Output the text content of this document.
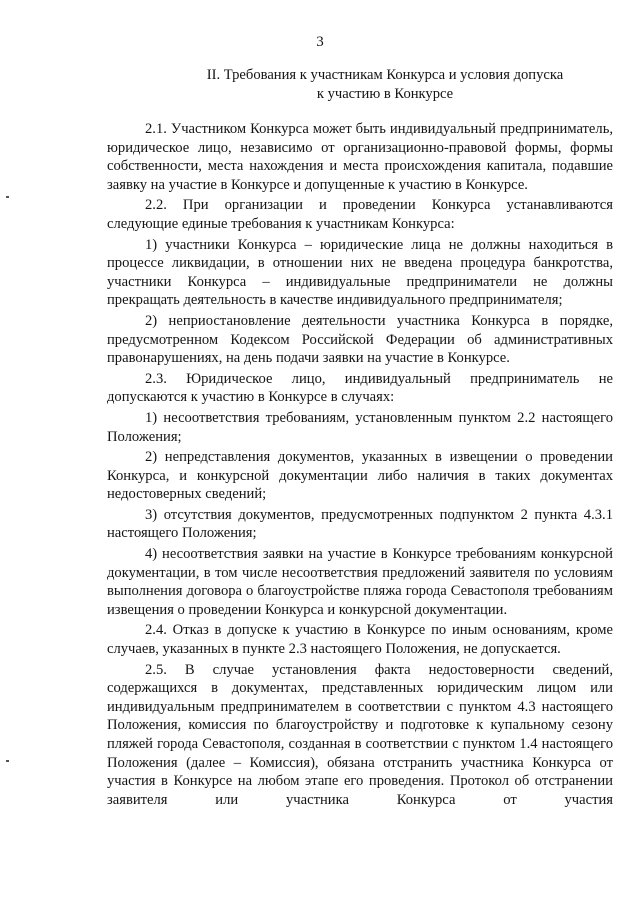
3
II. Требования к участникам Конкурса и условия допуска
к участию в Конкурсе

2.1. Участником Конкурса может быть индивидуальный предприниматель, юридическое лицо, независимо от организационно-правовой формы, формы собственности, места нахождения и места происхождения капитала, подавшие заявку на участие в Конкурсе и допущенные к участию в Конкурсе.

2.2. При организации и проведении Конкурса устанавливаются следующие единые требования к участникам Конкурса:

1) участники Конкурса – юридические лица не должны находиться в процессе ликвидации, в отношении них не введена процедура банкротства, участники Конкурса – индивидуальные предприниматели не должны прекращать деятельность в качестве индивидуального предпринимателя;

2) неприостановление деятельности участника Конкурса в порядке, предусмотренном Кодексом Российской Федерации об административных правонарушениях, на день подачи заявки на участие в Конкурсе.

2.3. Юридическое лицо, индивидуальный предприниматель не допускаются к участию в Конкурсе в случаях:

1) несоответствия требованиям, установленным пунктом 2.2 настоящего Положения;

2) непредставления документов, указанных в извещении о проведении Конкурса, и конкурсной документации либо наличия в таких документах недостоверных сведений;

3) отсутствия документов, предусмотренных подпунктом 2 пункта 4.3.1 настоящего Положения;

4) несоответствия заявки на участие в Конкурсе требованиям конкурсной документации, в том числе несоответствия предложений заявителя по условиям выполнения договора о благоустройстве пляжа города Севастополя требованиям извещения о проведении Конкурса и конкурсной документации.

2.4. Отказ в допуске к участию в Конкурсе по иным основаниям, кроме случаев, указанных в пункте 2.3 настоящего Положения, не допускается.

2.5. В случае установления факта недостоверности сведений, содержащихся в документах, представленных юридическим лицом или индивидуальным предпринимателем в соответствии с пунктом 4.3 настоящего Положения, комиссия по благоустройству и подготовке к купальному сезону пляжей города Севастополя, созданная в соответствии с пунктом 1.4 настоящего Положения (далее – Комиссия), обязана отстранить участника Конкурса от участия в Конкурсе на любом этапе его проведения. Протокол об отстранении заявителя или участника Конкурса от участия
